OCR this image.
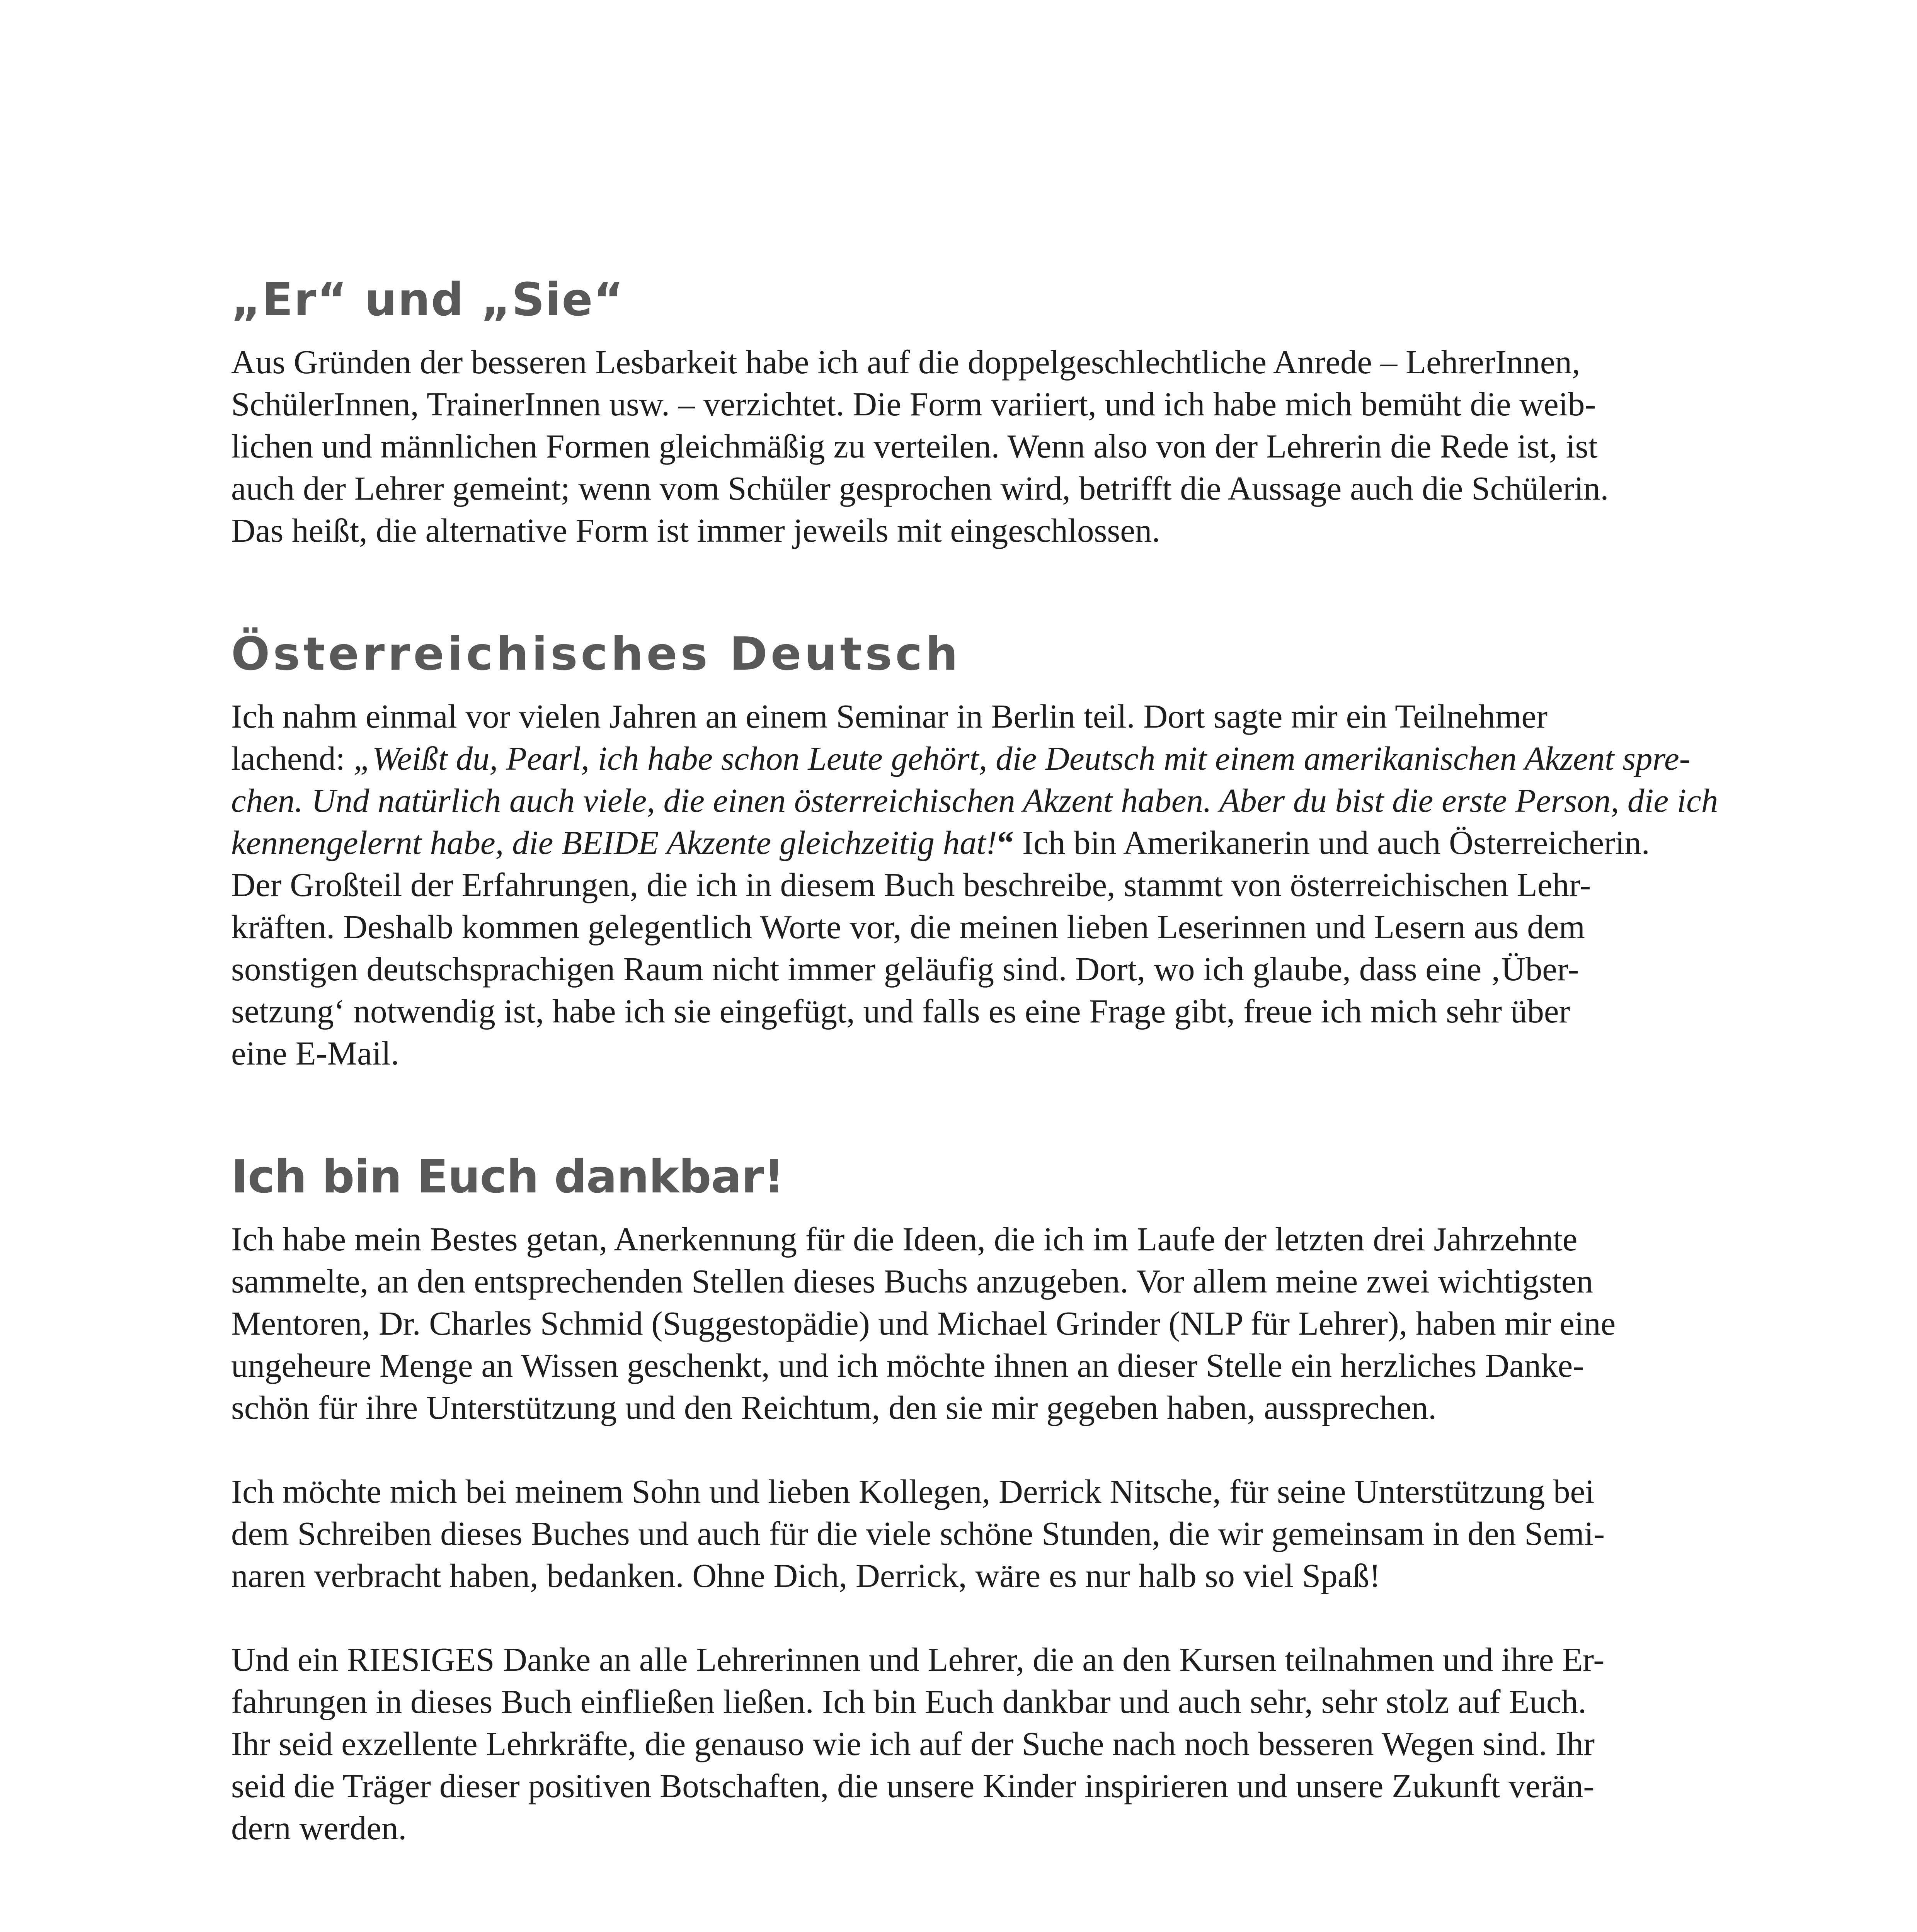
„Er“ und „Sie“
Aus Gründen der besseren Lesbarkeit habe ich auf die doppelgeschlechtliche Anrede – LehrerInnen,
SchülerInnen, TrainerInnen usw. – verzichtet. Die Form variiert, und ich habe mich bemüht die weib-
lichen und männlichen Formen gleichmäßig zu verteilen. Wenn also von der Lehrerin die Rede ist, ist
auch der Lehrer gemeint; wenn vom Schüler gesprochen wird, betrifft die Aussage auch die Schülerin.
Das heißt, die alternative Form ist immer jeweils mit eingeschlossen.
Österreichisches Deutsch
Ich nahm einmal vor vielen Jahren an einem Seminar in Berlin teil. Dort sagte mir ein Teilnehmer
lachend: „Weißt du, Pearl, ich habe schon Leute gehört, die Deutsch mit einem amerikanischen Akzent spre-
chen. Und natürlich auch viele, die einen österreichischen Akzent haben. Aber du bist die erste Person, die ich
kennengelernt habe, die BEIDE Akzente gleichzeitig hat!“ Ich bin Amerikanerin und auch Österreicherin.
Der Großteil der Erfahrungen, die ich in diesem Buch beschreibe, stammt von österreichischen Lehr-
kräften. Deshalb kommen gelegentlich Worte vor, die meinen lieben Leserinnen und Lesern aus dem
sonstigen deutschsprachigen Raum nicht immer geläufig sind. Dort, wo ich glaube, dass eine ‚Über-
setzung‘ notwendig ist, habe ich sie eingefügt, und falls es eine Frage gibt, freue ich mich sehr über
eine E-Mail.
Ich bin Euch dankbar!
Ich habe mein Bestes getan, Anerkennung für die Ideen, die ich im Laufe der letzten drei Jahrzehnte
sammelte, an den entsprechenden Stellen dieses Buchs anzugeben. Vor allem meine zwei wichtigsten
Mentoren, Dr. Charles Schmid (Suggestopädie) und Michael Grinder (NLP für Lehrer), haben mir eine
ungeheure Menge an Wissen geschenkt, und ich möchte ihnen an dieser Stelle ein herzliches Danke-
schön für ihre Unterstützung und den Reichtum, den sie mir gegeben haben, aussprechen.
Ich möchte mich bei meinem Sohn und lieben Kollegen, Derrick Nitsche, für seine Unterstützung bei
dem Schreiben dieses Buches und auch für die viele schöne Stunden, die wir gemeinsam in den Semi-
naren verbracht haben, bedanken. Ohne Dich, Derrick, wäre es nur halb so viel Spaß!
Und ein RIESIGES Danke an alle Lehrerinnen und Lehrer, die an den Kursen teilnahmen und ihre Er-
fahrungen in dieses Buch einfließen ließen. Ich bin Euch dankbar und auch sehr, sehr stolz auf Euch.
Ihr seid exzellente Lehrkräfte, die genauso wie ich auf der Suche nach noch besseren Wegen sind. Ihr
seid die Träger dieser positiven Botschaften, die unsere Kinder inspirieren und unsere Zukunft verän-
dern werden.
